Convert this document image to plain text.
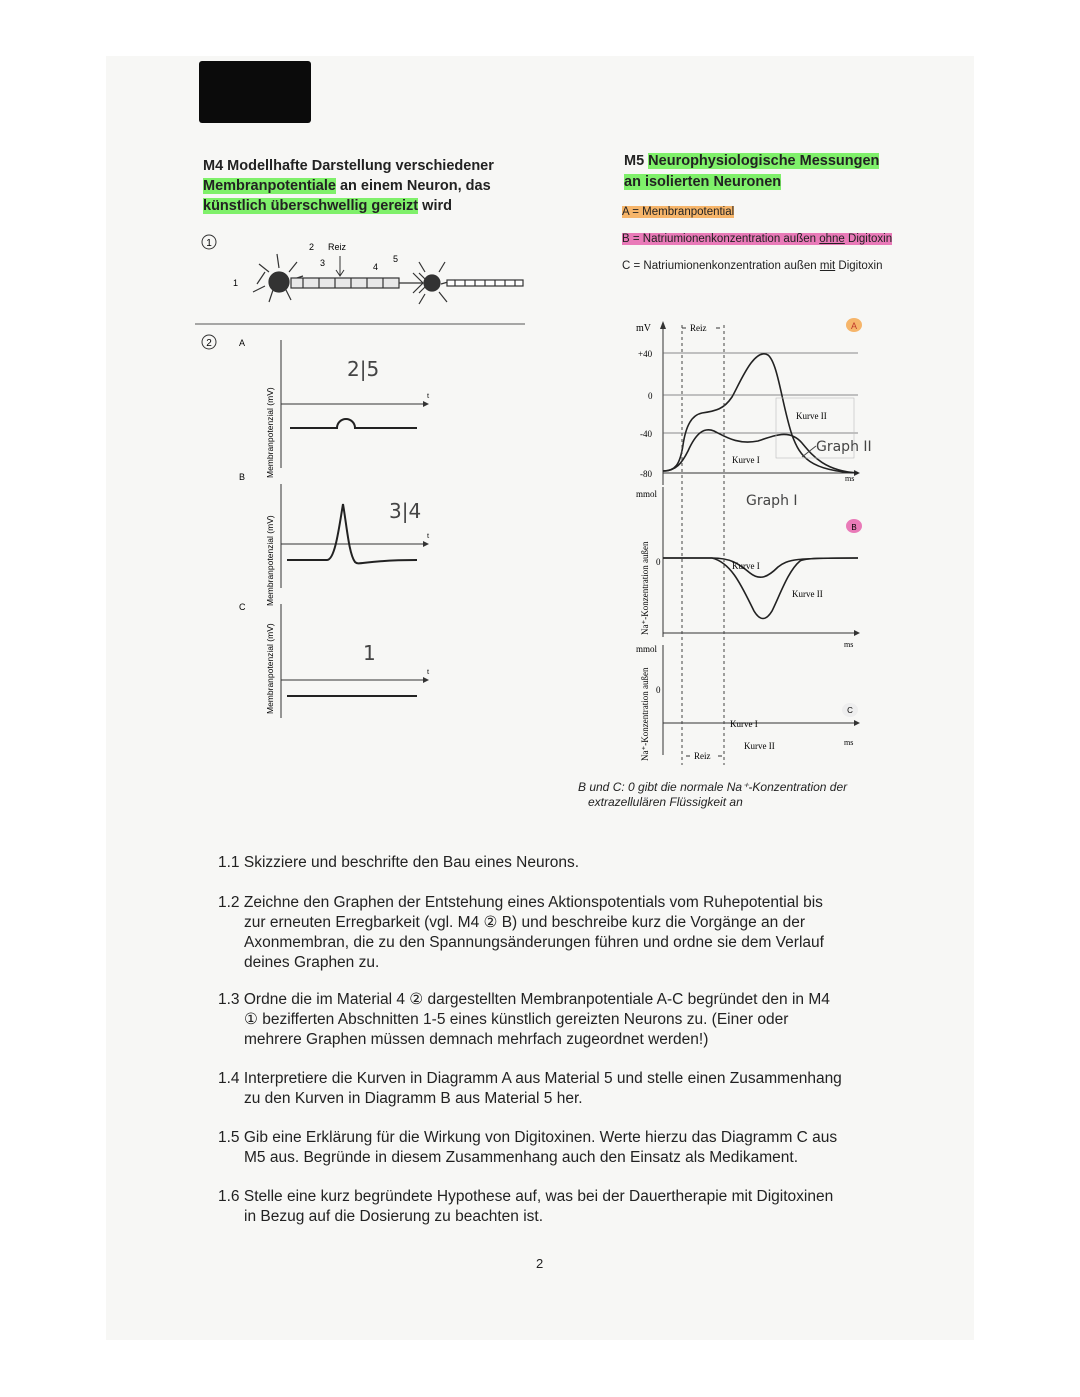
M4 Modellhafte Darstellung verschiedener
Membranpotentiale an einem Neuron, das
künstlich überschwellig gereizt wird
1
1
2
3	4
5
Reiz
2	A
Membranpotenzial (mV)	t
2|5
B
Membranpotenzial (mV)	t
3|4
C
Membranpotenzial (mV)	t
1
M5 Neurophysiologische Messungen
an isolierten Neuronen
A = Membranpotential
B = Natriumionenkonzentration außen ohne Digitoxin
C = Natriumionenkonzentration außen mit Digitoxin
mV
+40
0
-40
-80	ms
Reiz
Kurve II
Kurve I
A
Graph I
Graph II
mmol
Na⁺-Konzentration außen 0
ms
Kurve I
Kurve II
B
mmol
Na⁺-Konzentration außen 0
ms
Kurve I
Kurve II
C
Reiz
B und C: 0 gibt die normale Na⁺-Konzentration der
extrazellulären Flüssigkeit an
1.1 Skizziere und beschrifte den Bau eines Neurons.
1.2 Zeichne den Graphen der Entstehung eines Aktionspotentials vom Ruhepotential bis
zur erneuten Erregbarkeit (vgl. M4 ② B) und beschreibe kurz die Vorgänge an der
Axonmembran, die zu den Spannungsänderungen führen und ordne sie dem Verlauf
deines Graphen zu.
1.3 Ordne die im Material 4 ② dargestellten Membranpotentiale A-C begründet den in M4
① bezifferten Abschnitten 1-5 eines künstlich gereizten Neurons zu. (Einer oder
mehrere Graphen müssen demnach mehrfach zugeordnet werden!)
1.4 Interpretiere die Kurven in Diagramm A aus Material 5 und stelle einen Zusammenhang
zu den Kurven in Diagramm B aus Material 5 her.
1.5 Gib eine Erklärung für die Wirkung von Digitoxinen. Werte hierzu das Diagramm C aus
M5 aus. Begründe in diesem Zusammenhang auch den Einsatz als Medikament.
1.6 Stelle eine kurz begründete Hypothese auf, was bei der Dauertherapie mit Digitoxinen
in Bezug auf die Dosierung zu beachten ist.
2
